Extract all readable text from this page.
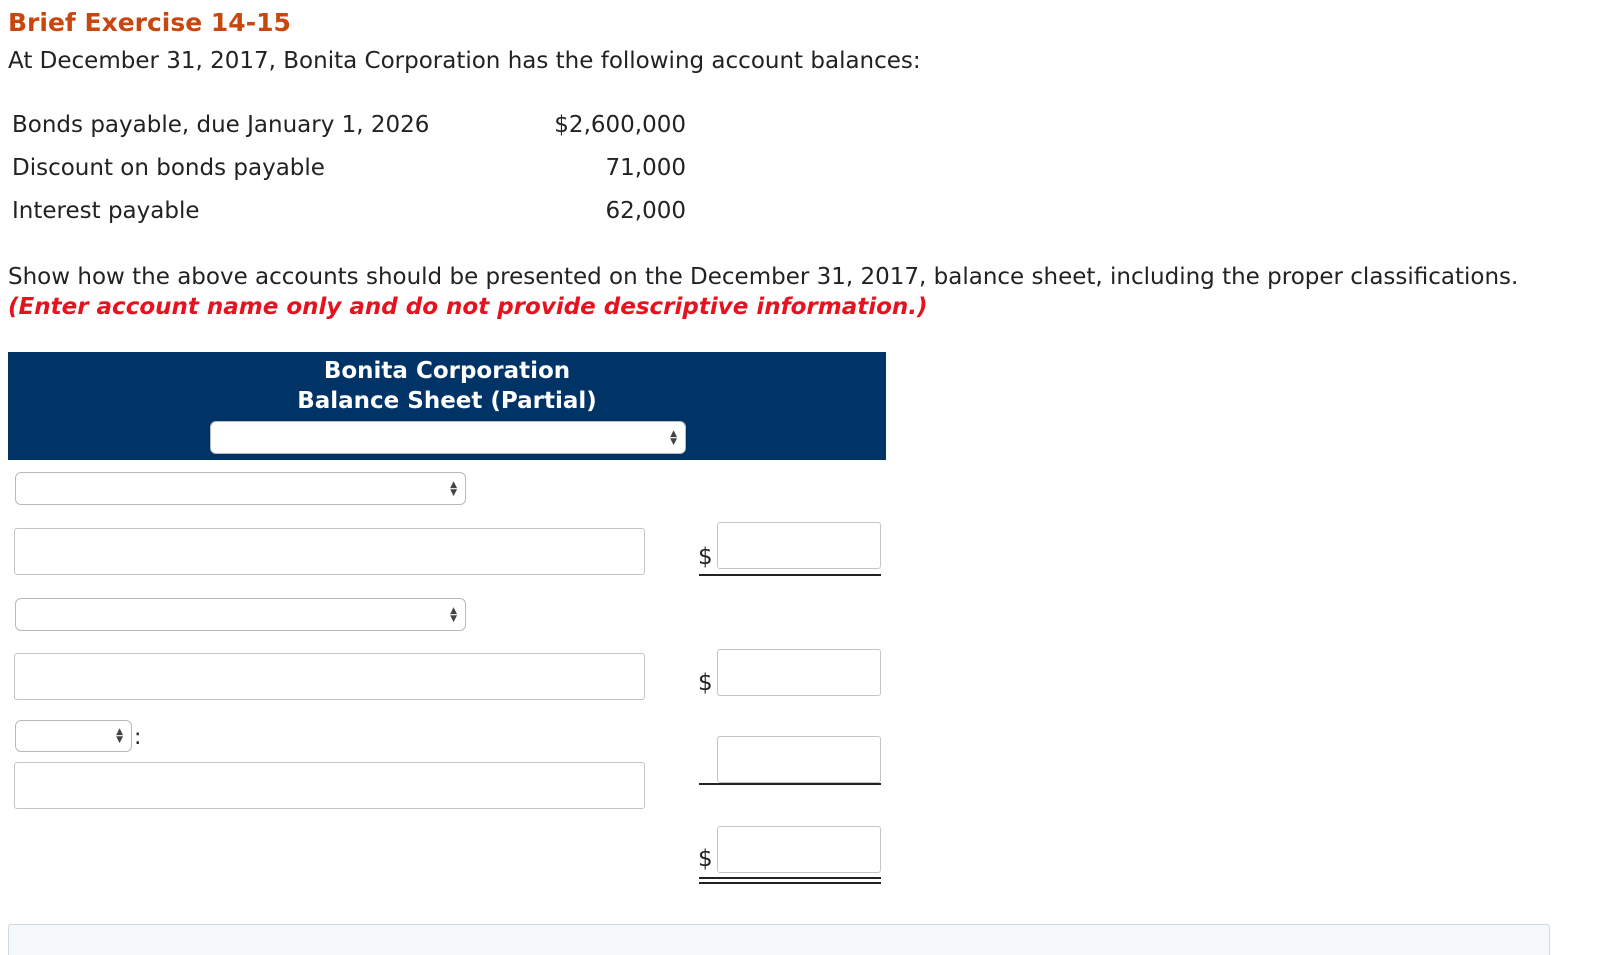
Brief Exercise 14-15
At December 31, 2017, Bonita Corporation has the following account balances:
Bonds payable, due January 1, 2026	$2,600,000
Discount on bonds payable	71,000
Interest payable	62,000
Show how the above accounts should be presented on the December 31, 2017, balance sheet, including the proper classifications.
(Enter account name only and do not provide descriptive information.)
Bonita Corporation
Balance Sheet (Partial)
▲
▼
▲
▼
$
▲
▼
$
▲
▼ :
$
